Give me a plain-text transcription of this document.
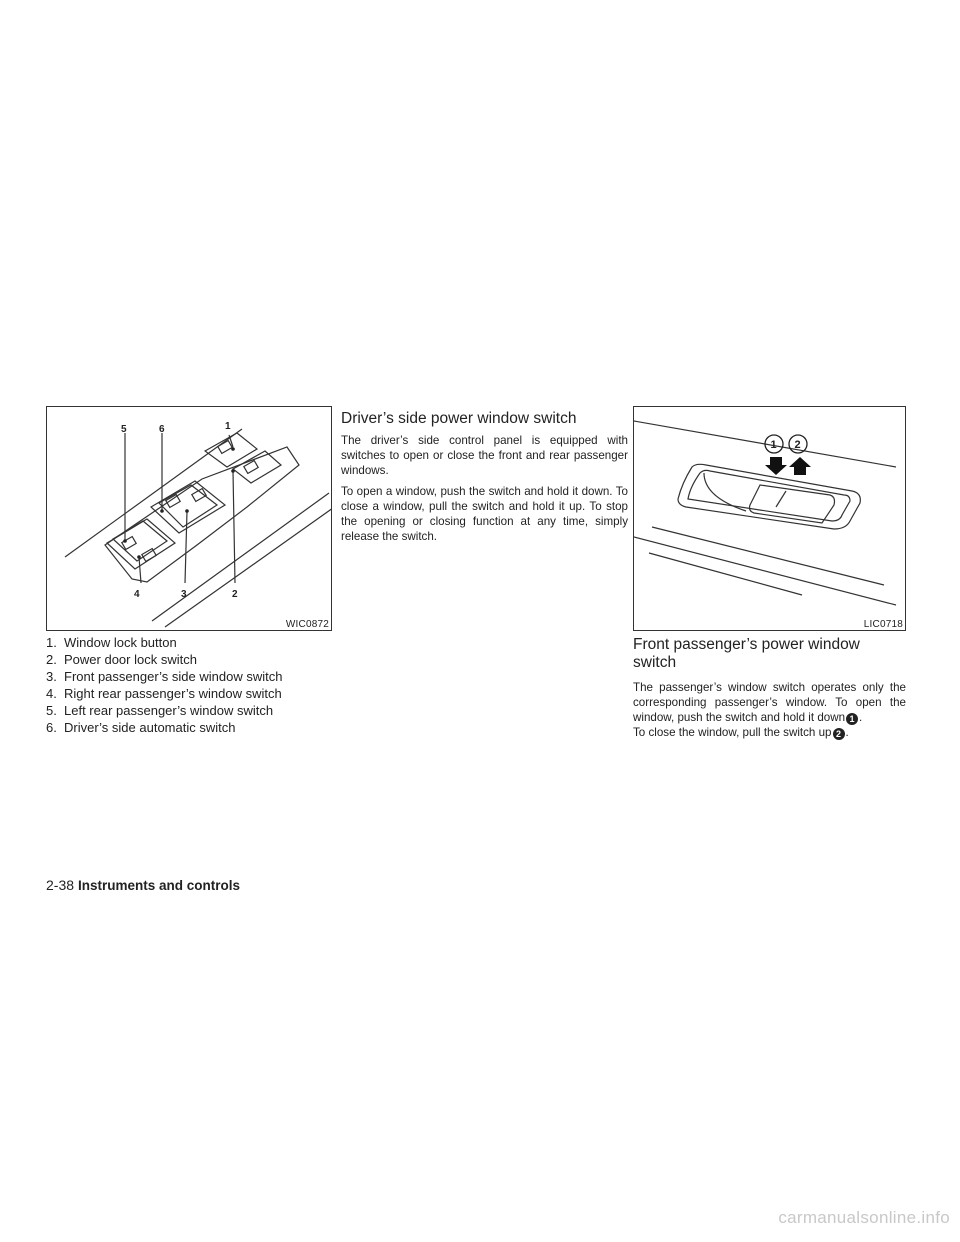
5	6	1
4	3	2
WIC0872
1. Window lock button
2. Power door lock switch
3. Front passenger’s side window switch
4. Right rear passenger’s window switch
5. Left rear passenger’s window switch
6. Driver’s side automatic switch
Driver’s side power window switch

The driver’s side control panel is equipped with switches to open or close the front and rear passenger windows.

To open a window, push the switch and hold it down. To close a window, pull the switch and hold it up. To stop the opening or closing function at any time, simply release the switch.

1 2
LIC0718
Front passenger’s power window switch

The passenger’s window switch operates only the corresponding passenger’s window. To open the window, push the switch and hold it down 1 .
To close the window, pull the switch up 2 .

2-38 Instruments and controls
carmanualsonline.info
